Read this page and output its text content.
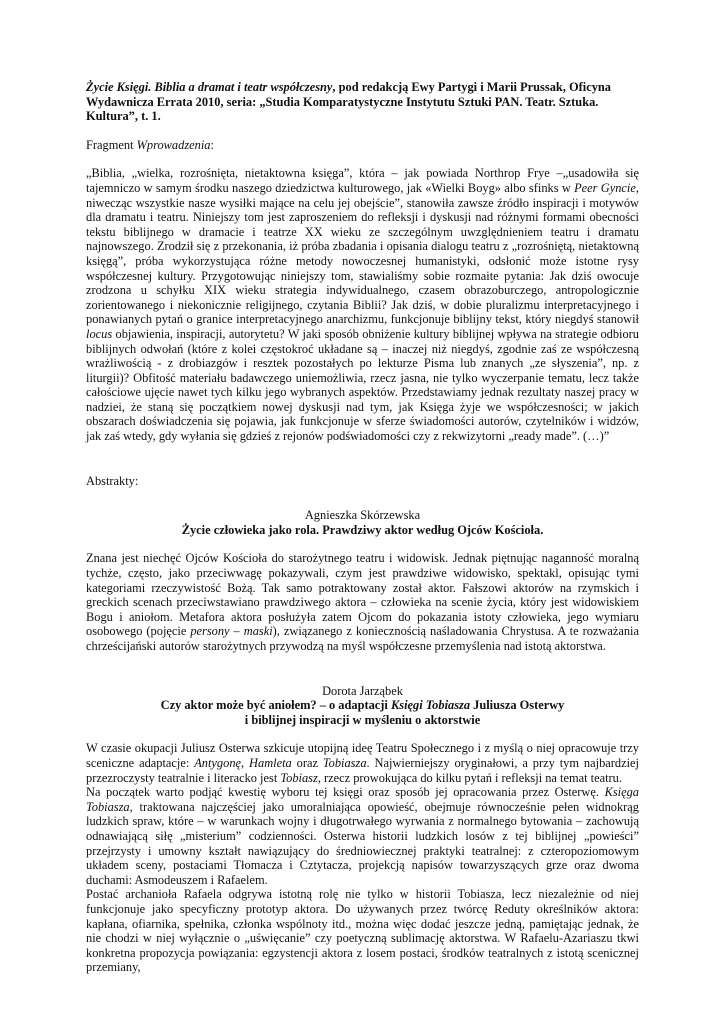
Życie Księgi. Biblia a dramat i teatr współczesny, pod redakcją Ewy Partygi i Marii Prussak, Oficyna Wydawnicza Errata 2010, seria: „Studia Komparatystyczne Instytutu Sztuki PAN. Teatr. Sztuka. Kultura”, t. 1.

Fragment Wprowadzenia:

„Biblia, „wielka, rozrośnięta, nietaktowna księga”, która – jak powiada Northrop Frye –„usadowiła się tajemniczo w samym środku naszego dziedzictwa kulturowego, jak «Wielki Boyg» albo sfinks w Peer Gyncie, niwecząc wszystkie nasze wysiłki mające na celu jej obejście”, stanowiła zawsze źródło inspiracji i motywów dla dramatu i teatru. Niniejszy tom jest zaproszeniem do refleksji i dyskusji nad różnymi formami obecności tekstu biblijnego w dramacie i teatrze XX wieku ze szczególnym uwzględnieniem teatru i dramatu najnowszego. Zrodził się z przekonania, iż próba zbadania i opisania dialogu teatru z „rozrośniętą, nietaktowną księgą”, próba wykorzystująca różne metody nowoczesnej humanistyki, odsłonić może istotne rysy współczesnej kultury. Przygotowując niniejszy tom, stawialiśmy sobie rozmaite pytania: Jak dziś owocuje zrodzona u schyłku XIX wieku strategia indywidualnego, czasem obrazoburczego, antropologicznie zorientowanego i niekonicznie religijnego, czytania Biblii? Jak dziś, w dobie pluralizmu interpretacyjnego i ponawianych pytań o granice interpretacyjnego anarchizmu, funkcjonuje biblijny tekst, który niegdyś stanowił locus objawienia, inspiracji, autorytetu? W jaki sposób obniżenie kultury biblijnej wpływa na strategie odbioru biblijnych odwołań (które z kolei częstokroć układane są – inaczej niż niegdyś, zgodnie zaś ze współczesną wrażliwością - z drobiazgów i resztek pozostałych po lekturze Pisma lub znanych „ze słyszenia”, np. z liturgii)? Obfitość materiału badawczego uniemożliwia, rzecz jasna, nie tylko wyczerpanie tematu, lecz także całościowe ujęcie nawet tych kilku jego wybranych aspektów. Przedstawiamy jednak rezultaty naszej pracy w nadziei, że staną się początkiem nowej dyskusji nad tym, jak Księga żyje we współczesności; w jakich obszarach doświadczenia się pojawia, jak funkcjonuje w sferze świadomości autorów, czytelników i widzów, jak zaś wtedy, gdy wyłania się gdzieś z rejonów podświadomości czy z rekwizytorni „ready made”. (…)”

Abstrakty:

Agnieszka Skórzewska

Życie człowieka jako rola. Prawdziwy aktor według Ojców Kościoła.

Znana jest niechęć Ojców Kościoła do starożytnego teatru i widowisk. Jednak piętnując naganność moralną tychże, często, jako przeciwwagę pokazywali, czym jest prawdziwe widowisko, spektakl, opisując tymi kategoriami rzeczywistość Bożą. Tak samo potraktowany został aktor. Fałszowi aktorów na rzymskich i greckich scenach przeciwstawiano prawdziwego aktora – człowieka na scenie życia, który jest widowiskiem Bogu i aniołom. Metafora aktora posłużyła zatem Ojcom do pokazania istoty człowieka, jego wymiaru osobowego (pojęcie persony – maski), związanego z koniecznością naśladowania Chrystusa. A te rozważania chrześcijański autorów starożytnych przywodzą na myśl współczesne przemyślenia nad istotą aktorstwa.

Dorota Jarząbek

Czy aktor może być aniołem? – o adaptacji Księgi Tobiasza Juliusza Osterwy

i biblijnej inspiracji w myśleniu o aktorstwie

W czasie okupacji Juliusz Osterwa szkicuje utopijną ideę Teatru Społecznego i z myślą o niej opracowuje trzy sceniczne adaptacje: Antygonę, Hamleta oraz Tobiasza. Najwierniejszy oryginałowi, a przy tym najbardziej przezroczysty teatralnie i literacko jest Tobiasz, rzecz prowokująca do kilku pytań i refleksji na temat teatru.

Na początek warto podjąć kwestię wyboru tej księgi oraz sposób jej opracowania przez Osterwę. Księga Tobiasza, traktowana najczęściej jako umoralniająca opowieść, obejmuje równocześnie pełen widnokrąg ludzkich spraw, które – w warunkach wojny i długotrwałego wyrwania z normalnego bytowania – zachowują odnawiającą siłę „misterium” codzienności. Osterwa historii ludzkich losów z tej biblijnej „powieści” przejrzysty i umowny kształt nawiązujący do średniowiecznej praktyki teatralnej: z czteropoziomowym układem sceny, postaciami Tłomacza i Cztytacza, projekcją napisów towarzyszących grze oraz dwoma duchami: Asmodeuszem i Rafaelem.

Postać archanioła Rafaela odgrywa istotną rolę nie tylko w historii Tobiasza, lecz niezależnie od niej funkcjonuje jako specyficzny prototyp aktora. Do używanych przez twórcę Reduty określników aktora: kapłana, ofiarnika, spełnika, członka wspólnoty itd., można więc dodać jeszcze jedną, pamiętając jednak, że nie chodzi w niej wyłącznie o „uświęcanie” czy poetyczną sublimację aktorstwa. W Rafaelu-Azariaszu tkwi konkretna propozycja powiązania: egzystencji aktora z losem postaci, środków teatralnych z istotą scenicznej przemiany,
